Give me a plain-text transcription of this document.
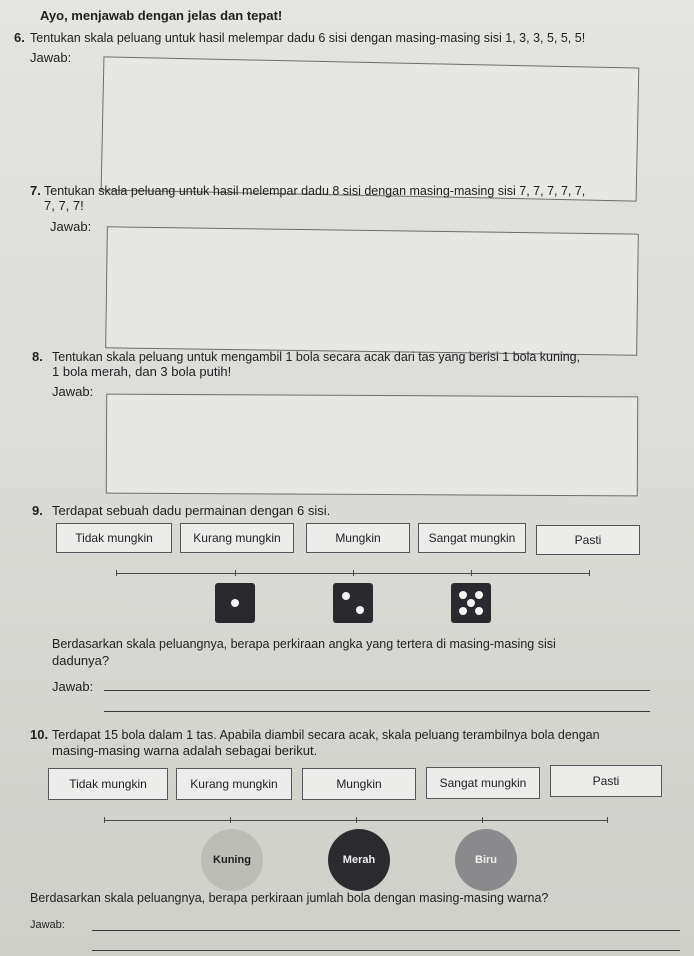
Ayo, menjawab dengan jelas dan tepat!
6. Tentukan skala peluang untuk hasil melempar dadu 6 sisi dengan masing-masing sisi 1, 3, 3, 5, 5, 5!
Jawab:
7. Tentukan skala peluang untuk hasil melempar dadu 8 sisi dengan masing-masing sisi 7, 7, 7, 7, 7,
7, 7, 7!
Jawab:
8. Tentukan skala peluang untuk mengambil 1 bola secara acak dari tas yang berisi 1 bola kuning,
1 bola merah, dan 3 bola putih!
Jawab:
9. Terdapat sebuah dadu permainan dengan 6 sisi.
Tidak mungkin	Kurang mungkin	Mungkin	Sangat mungkin	Pasti
Berdasarkan skala peluangnya, berapa perkiraan angka yang tertera di masing-masing sisi
dadunya?
Jawab:
10. Terdapat 15 bola dalam 1 tas. Apabila diambil secara acak, skala peluang terambilnya bola dengan
masing-masing warna adalah sebagai berikut.
Tidak mungkin	Kurang mungkin	Mungkin	Sangat mungkin	Pasti
Kuning	Merah	Biru
Berdasarkan skala peluangnya, berapa perkiraan jumlah bola dengan masing-masing warna?
Jawab:
